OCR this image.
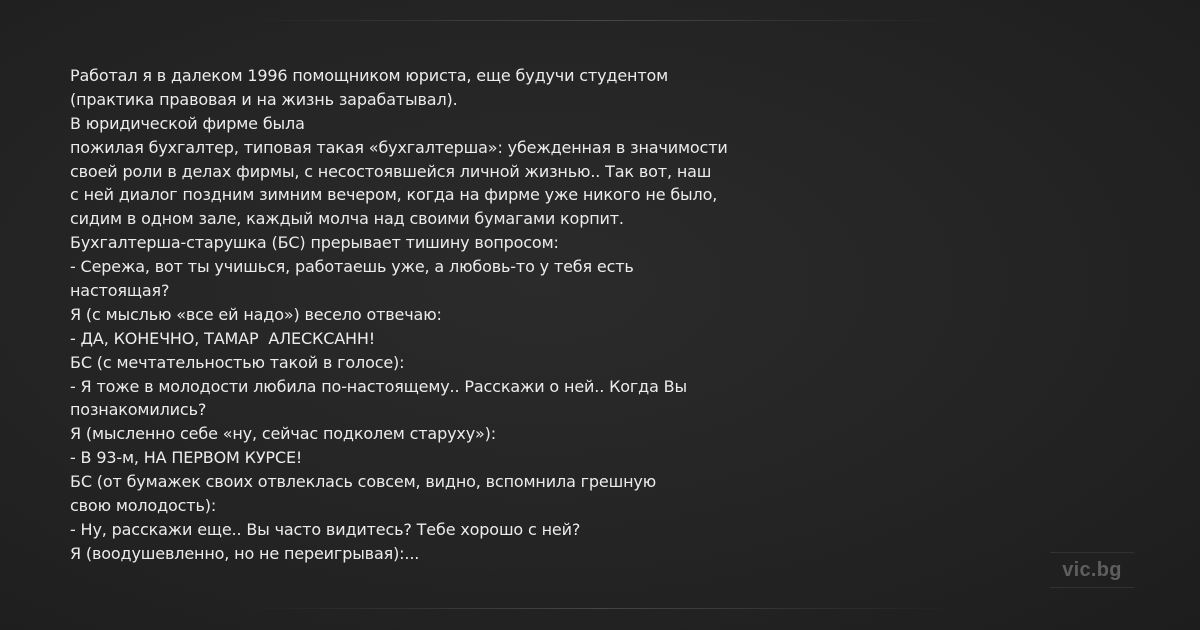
Работал я в далеком 1996 помощником юриста, еще будучи студентом
(практика правовая и на жизнь зарабатывал).
В юридической фирме была
пожилая бухгалтер, типовая такая «бухгалтерша»: убежденная в значимости
своей роли в делах фирмы, с несостоявшейся личной жизнью.. Так вот, наш
с ней диалог поздним зимним вечером, когда на фирме уже никого не было,
сидим в одном зале, каждый молча над своими бумагами корпит.
Бухгалтерша-старушка (БС) прерывает тишину вопросом:
- Сережа, вот ты учишься, работаешь уже, а любовь-то у тебя есть
настоящая?
Я (с мыслью «все ей надо») весело отвечаю:
- ДА, КОНЕЧНО, ТАМАР  АЛЕСКСАНН!
БС (с мечтательностью такой в голосе):
- Я тоже в молодости любила по-настоящему.. Расскажи о ней.. Когда Вы
познакомились?
Я (мысленно себе «ну, сейчас подколем старуху»):
- В 93-м, НА ПЕРВОМ КУРСЕ!
БС (от бумажек своих отвлеклась совсем, видно, вспомнила грешную
свою молодость):
- Ну, расскажи еще.. Вы часто видитесь? Тебе хорошо с ней?
Я (воодушевленно, но не переигрывая):...
vic.bg
